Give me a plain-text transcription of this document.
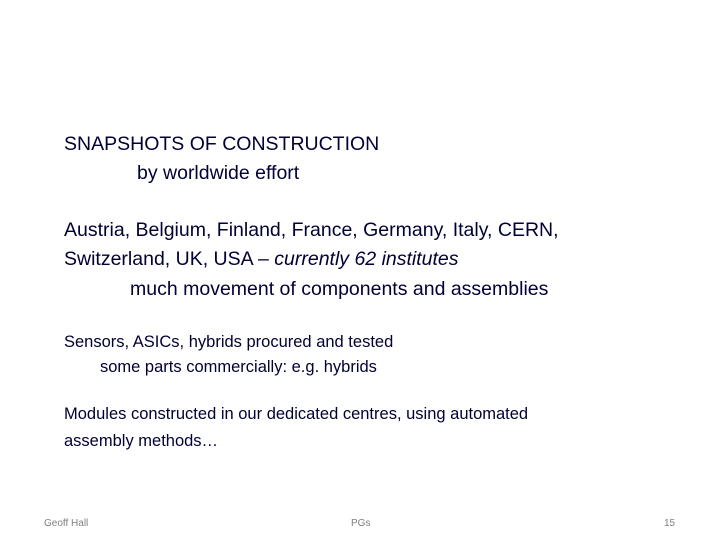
SNAPSHOTS OF CONSTRUCTION
by worldwide effort
Austria, Belgium, Finland, France, Germany, Italy, CERN,
Switzerland, UK, USA – currently 62 institutes
much movement of components and assemblies
Sensors, ASICs, hybrids procured and tested
some parts commercially: e.g. hybrids
Modules constructed in our dedicated centres, using automated
assembly methods…
Geoff Hall	PGs	15
